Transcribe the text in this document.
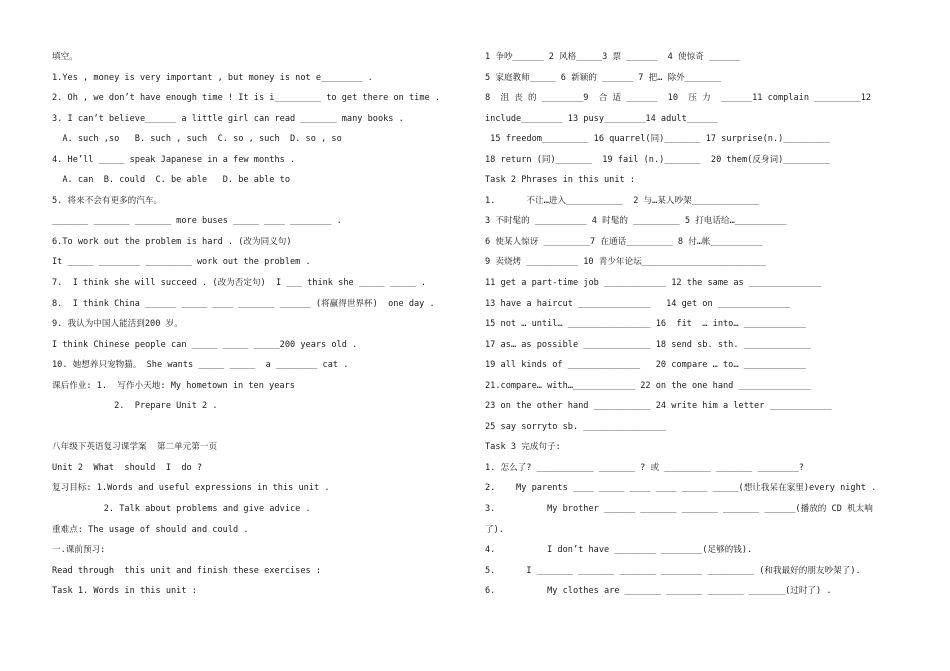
填空。
1.Yes , money is very important , but money is not e________ .
2. Oh , we don’t have enough time ! It is i_________ to get there on time .
3. I can’t believe______ a little girl can read _______ many books .
A. such ,so   B. such , such  C. so , such  D. so , so
4. He’ll _____ speak Japanese in a few months .
A. can  B. could  C. be able   D. be able to
5. 将来不会有更多的汽车。
_______ _______ _______ more buses _____ ____ ________ .
6.To work out the problem is hard . (改为同义句)
It _____ ________ _________ work out the problem .
7.  I think she will succeed . (改为否定句)  I ___ think she _____ _____ .
8.  I think China ______ _____ ____ _______ ______ (将赢得世界杯)  one day .
9. 我认为中国人能活到200 岁。
I think Chinese people can _____ _____ _____200 years old .
10. 她想养只宠物猫。 She wants _____ _____  a ________ cat .
课后作业: 1.  写作小天地: My hometown in ten years
2.  Prepare Unit 2 .
八年级下英语复习课学案  第二单元第一页
Unit 2  What  should  I  do ?
复习目标: 1.Words and useful expressions in this unit .
2. Talk about problems and give advice .
重难点: The usage of should and could .
一.课前预习:
Read through  this unit and finish these exercises :
Task 1. Words in this unit :
1 争吵______ 2 风格_____3 票 ______  4 使惊奇 ______
5 家庭教师_____ 6 新颖的 ______ 7 把… 除外_______
8  沮 丧 的 ________9  合 适 ______  10  压 力  ______11 complain _________12
include________ 13 pusy________14 adult______
15 freedom_________ 16 quarrel(同)_______ 17 surprise(n.)_________
18 return (同)_______  19 fail (n.)_______  20 them(反身词)_________
Task 2 Phrases in this unit :
1.      不让…进入___________  2 与…某人吵架_____________
3 不时髦的 __________ 4 时髦的 _________ 5 打电话给…__________
6 使某人惊讶 _________7 在通话_________ 8 付…帐__________
9 卖烧烤 __________ 10 青少年论坛________________________
11 get a part-time job ____________ 12 the same as ______________
13 have a haircut ______________   14 get on ______________
15 not … until… ________________ 16  fit  … into… ____________
17 as… as possible _____________ 18 send sb. sth. _____________
19 all kinds of ______________   20 compare … to… ____________
21.compare… with…____________ 22 on the one hand ______________
23 on the other hand ___________ 24 write him a letter ____________
25 say sorryto sb. ________________
Task 3 完成句子:
1. 怎么了? ___________ _______ ? 或 _________ _______ ________?
2.    My parents ____ _____ ____ ____ _____ _____(想让我呆在家里)every night .
3.          My brother ______ _______ _______ _______ ______(播放的 CD 机太响
了).
4.          I don’t have ________ ________(足够的钱).
5.      I _______ _______ _______ ________ _________ (和我最好的朋友吵架了).
6.          My clothes are _______ _______ _______ _______(过时了) .
